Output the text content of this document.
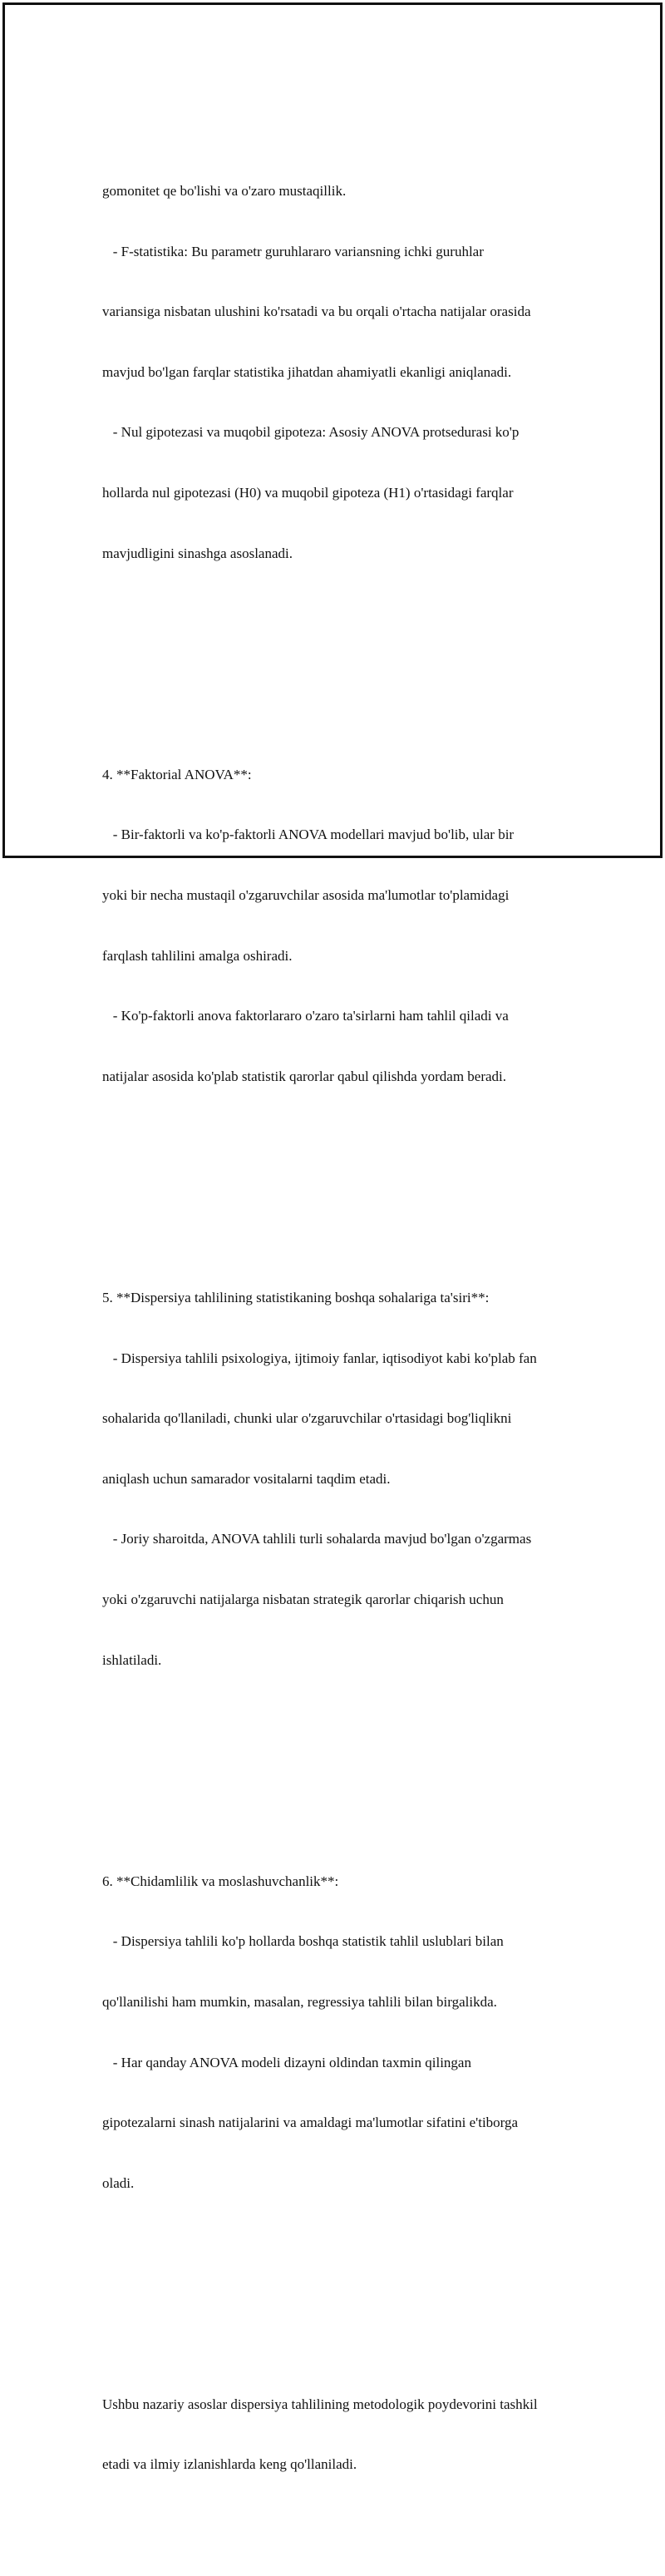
gomonitet qe bo'lishi va o'zaro mustaqillik.

- F-statistika: Bu parametr guruhlararo variansning ichki guruhlar

variansiga nisbatan ulushini ko'rsatadi va bu orqali o'rtacha natijalar orasida

mavjud bo'lgan farqlar statistika jihatdan ahamiyatli ekanligi aniqlanadi.

- Nul gipotezasi va muqobil gipoteza: Asosiy ANOVA protsedurasi ko'p

hollarda nul gipotezasi (H0) va muqobil gipoteza (H1) o'rtasidagi farqlar

mavjudligini sinashga asoslanadi.

4. **Faktorial ANOVA**:

- Bir-faktorli va ko'p-faktorli ANOVA modellari mavjud bo'lib, ular bir

yoki bir necha mustaqil o'zgaruvchilar asosida ma'lumotlar to'plamidagi

farqlash tahlilini amalga oshiradi.

- Ko'p-faktorli anova faktorlararo o'zaro ta'sirlarni ham tahlil qiladi va

natijalar asosida ko'plab statistik qarorlar qabul qilishda yordam beradi.

5. **Dispersiya tahlilining statistikaning boshqa sohalariga ta'siri**:

- Dispersiya tahlili psixologiya, ijtimoiy fanlar, iqtisodiyot kabi ko'plab fan

sohalarida qo'llaniladi, chunki ular o'zgaruvchilar o'rtasidagi bog'liqlikni

aniqlash uchun samarador vositalarni taqdim etadi.

- Joriy sharoitda, ANOVA tahlili turli sohalarda mavjud bo'lgan o'zgarmas

yoki o'zgaruvchi natijalarga nisbatan strategik qarorlar chiqarish uchun

ishlatiladi.

6. **Chidamlilik va moslashuvchanlik**:

- Dispersiya tahlili ko'p hollarda boshqa statistik tahlil uslublari bilan

qo'llanilishi ham mumkin, masalan, regressiya tahlili bilan birgalikda.

- Har qanday ANOVA modeli dizayni oldindan taxmin qilingan

gipotezalarni sinash natijalarini va amaldagi ma'lumotlar sifatini e'tiborga

oladi.

Ushbu nazariy asoslar dispersiya tahlilining metodologik poydevorini tashkil

etadi va ilmiy izlanishlarda keng qo'llaniladi.
